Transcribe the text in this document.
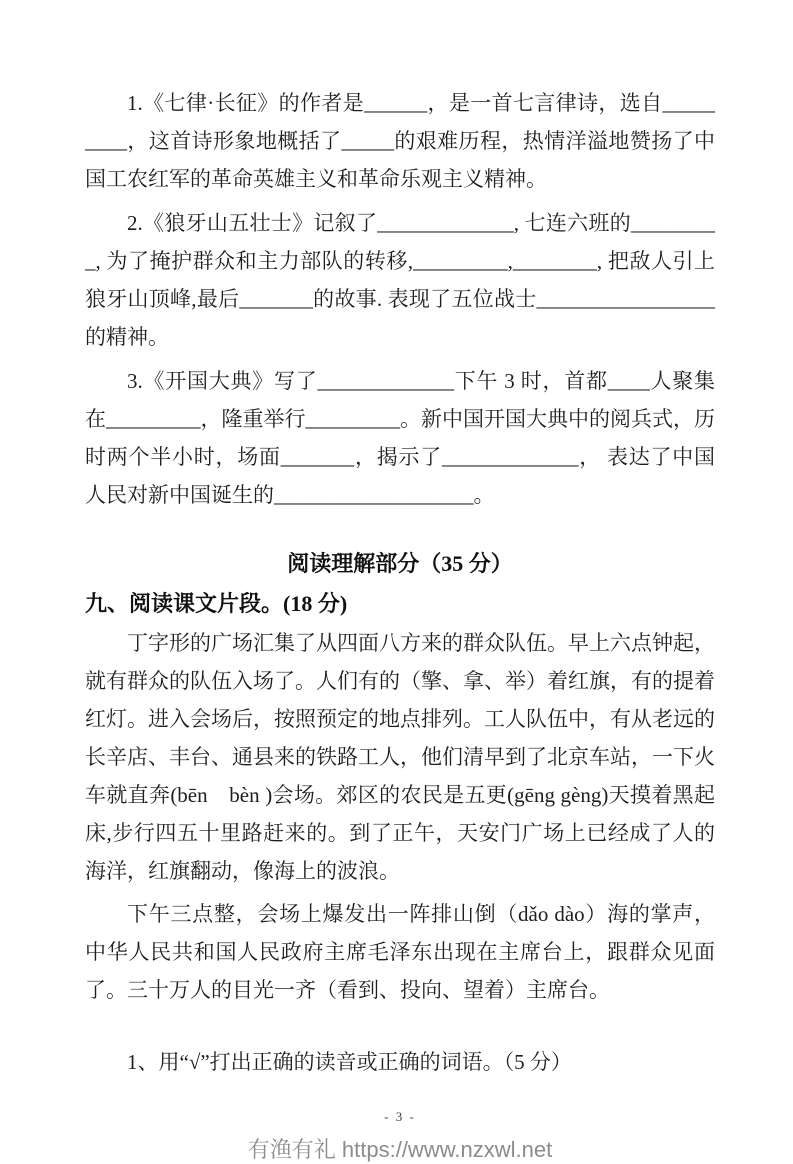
1.《七律·长征》的作者是______，是一首七言律诗，选自_________，这首诗形象地概括了_____的艰难历程，热情洋溢地赞扬了中国工农红军的革命英雄主义和革命乐观主义精神。

2.《狼牙山五壮士》记叙了_____________, 七连六班的_________, 为了掩护群众和主力部队的转移,_________,________, 把敌人引上狼牙山顶峰,最后_______的故事. 表现了五位战士_________________的精神。

3.《开国大典》写了_____________下午 3 时，首都____人聚集在_________，隆重举行_________。新中国开国大典中的阅兵式，历时两个半小时，场面_______，揭示了_____________， 表达了中国人民对新中国诞生的___________________。

阅读理解部分（35 分）
九、阅读课文片段。(18 分)

丁字形的广场汇集了从四面八方来的群众队伍。早上六点钟起，就有群众的队伍入场了。人们有的（擎、拿、举）着红旗，有的提着红灯。进入会场后，按照预定的地点排列。工人队伍中，有从老远的长辛店、丰台、通县来的铁路工人，他们清早到了北京车站，一下火车就直奔(bēn　bèn )会场。郊区的农民是五更(gēng gèng)天摸着黑起床,步行四五十里路赶来的。到了正午，天安门广场上已经成了人的海洋，红旗翻动，像海上的波浪。

下午三点整，会场上爆发出一阵排山倒（dǎo dào）海的掌声，中华人民共和国人民政府主席毛泽东出现在主席台上，跟群众见面了。三十万人的目光一齐（看到、投向、望着）主席台。

1、用“√”打出正确的读音或正确的词语。（5 分）

- 3 -
有渔有礼 https://www.nzxwl.net
